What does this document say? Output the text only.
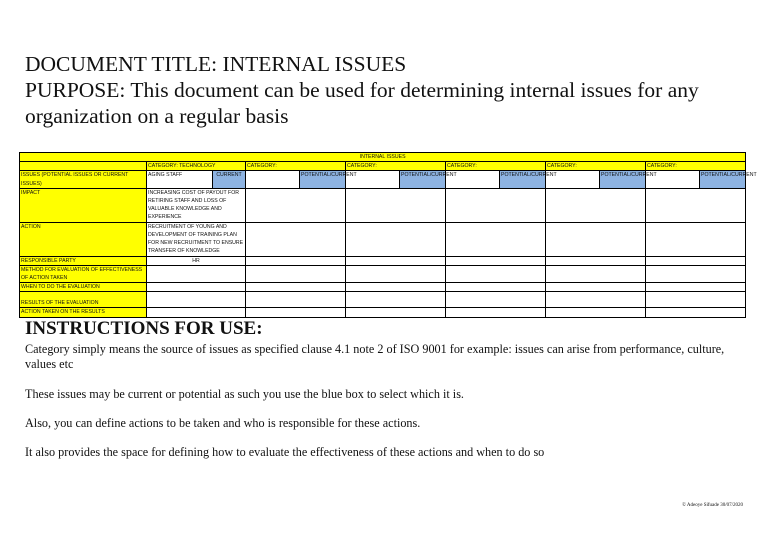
DOCUMENT TITLE: INTERNAL ISSUES
PURPOSE: This document can be used for determining internal issues for any
organization on a regular basis
INTERNAL ISSUES												
	CATEGORY: TECHNOLOGY		CATEGORY:		CATEGORY:		CATEGORY:		CATEGORY:		CATEGORY:	
ISSUES (POTENTIAL ISSUES OR CURRENT ISSUES)	AGING STAFF	CURRENT		POTENTIAL/CURRENT		POTENTIAL/CURRENT		POTENTIAL/CURRENT		POTENTIAL/CURRENT		POTENTIAL/CURRENT
IMPACT	INCREASING COST OF PAYOUT FOR RETIRING STAFF AND LOSS OF VALUABLE KNOWLEDGE AND EXPERIENCE											
ACTION	RECRUITMENT OF YOUNG AND DEVELOPMENT OF TRAINING PLAN FOR NEW RECRUITMENT TO ENSURE TRANSFER OF KNOWLEDGE											
RESPONSIBLE PARTY	HR											
METHOD FOR EVALUATION OF EFFECTIVENESS OF ACTION TAKEN												
WHEN TO DO THE EVALUATION												
RESULTS OF THE EVALUATION												
ACTION TAKEN ON THE RESULTS												
INSTRUCTIONS FOR USE:

Category simply means the source of issues as specified clause 4.1 note 2 of ISO 9001 for example: issues can arise from performance, culture, values etc

These issues may be current or potential as such you use the blue box to select which it is.

Also, you can define actions to be taken and who is responsible for these actions.

It also provides the space for defining how to evaluate the effectiveness of these actions and when to do so

© Adeoye Sifuade 30/07/2020
